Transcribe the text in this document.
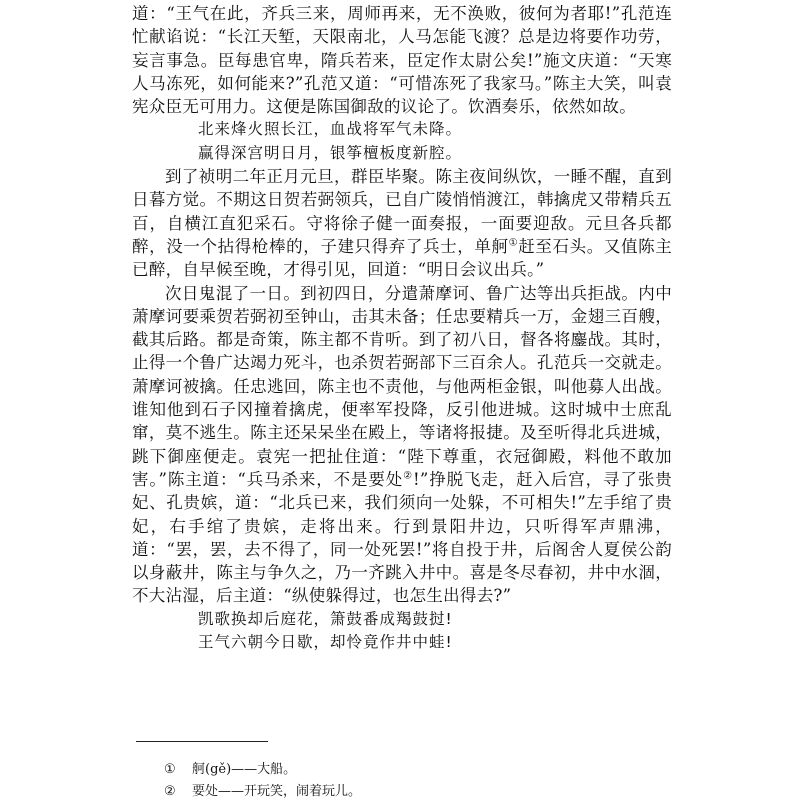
道：“王气在此，齐兵三来，周师再来，无不涣败，彼何为者耶!”孔范连忙献谄说：“长江天堑，天限南北，人马怎能飞渡？总是边将要作功劳，妄言事急。臣每患官卑，隋兵若来，臣定作太尉公矣!”施文庆道：“天寒人马冻死，如何能来?”孔范又道：“可惜冻死了我家马。”陈主大笑，叫袁宪众臣无可用力。这便是陈国御敌的议论了。饮酒奏乐，依然如故。

北来烽火照长江，血战将军气未降。

赢得深宫明日月，银筝檀板度新腔。

到了祯明二年正月元旦，群臣毕聚。陈主夜间纵饮，一睡不醒，直到日暮方觉。不期这日贺若弼领兵，已自广陵悄悄渡江，韩擒虎又带精兵五百，自横江直犯采石。守将徐子健一面奏报，一面要迎敌。元旦各兵都醉，没一个拈得枪棒的，子建只得弃了兵士，单舸①赶至石头。又值陈主已醉，自早候至晚，才得引见，回道：“明日会议出兵。”

次日鬼混了一日。到初四日，分遣萧摩诃、鲁广达等出兵拒战。内中萧摩诃要乘贺若弼初至钟山，击其未备；任忠要精兵一万，金翅三百艘，截其后路。都是奇策，陈主都不肯听。到了初八日，督各将鏖战。其时，止得一个鲁广达竭力死斗，也杀贺若弼部下三百余人。孔范兵一交就走。萧摩诃被擒。任忠逃回，陈主也不责他，与他两柜金银，叫他募人出战。谁知他到石子冈撞着擒虎，便率军投降，反引他进城。这时城中士庶乱窜，莫不逃生。陈主还呆呆坐在殿上，等诸将报捷。及至听得北兵进城，跳下御座便走。袁宪一把扯住道：“陛下尊重，衣冠御殿，料他不敢加害。”陈主道：“兵马杀来，不是要处②!”挣脱飞走，赶入后宫，寻了张贵妃、孔贵嫔，道：“北兵已来，我们须向一处躲，不可相失!”左手绾了贵妃，右手绾了贵嫔，走将出来。行到景阳井边，只听得军声鼎沸，道：“罢，罢，去不得了，同一处死罢!”将自投于井，后阁舍人夏侯公韵以身蔽井，陈主与争久之，乃一齐跳入井中。喜是冬尽春初，井中水涸，不大沾湿，后主道：“纵使躲得过，也怎生出得去?”

凯歌换却后庭花，箫鼓番成羯鼓挝!

王气六朝今日歇，却怜竟作井中蛙!

① 舸(gě)——大船。
② 要处——开玩笑，闹着玩儿。
